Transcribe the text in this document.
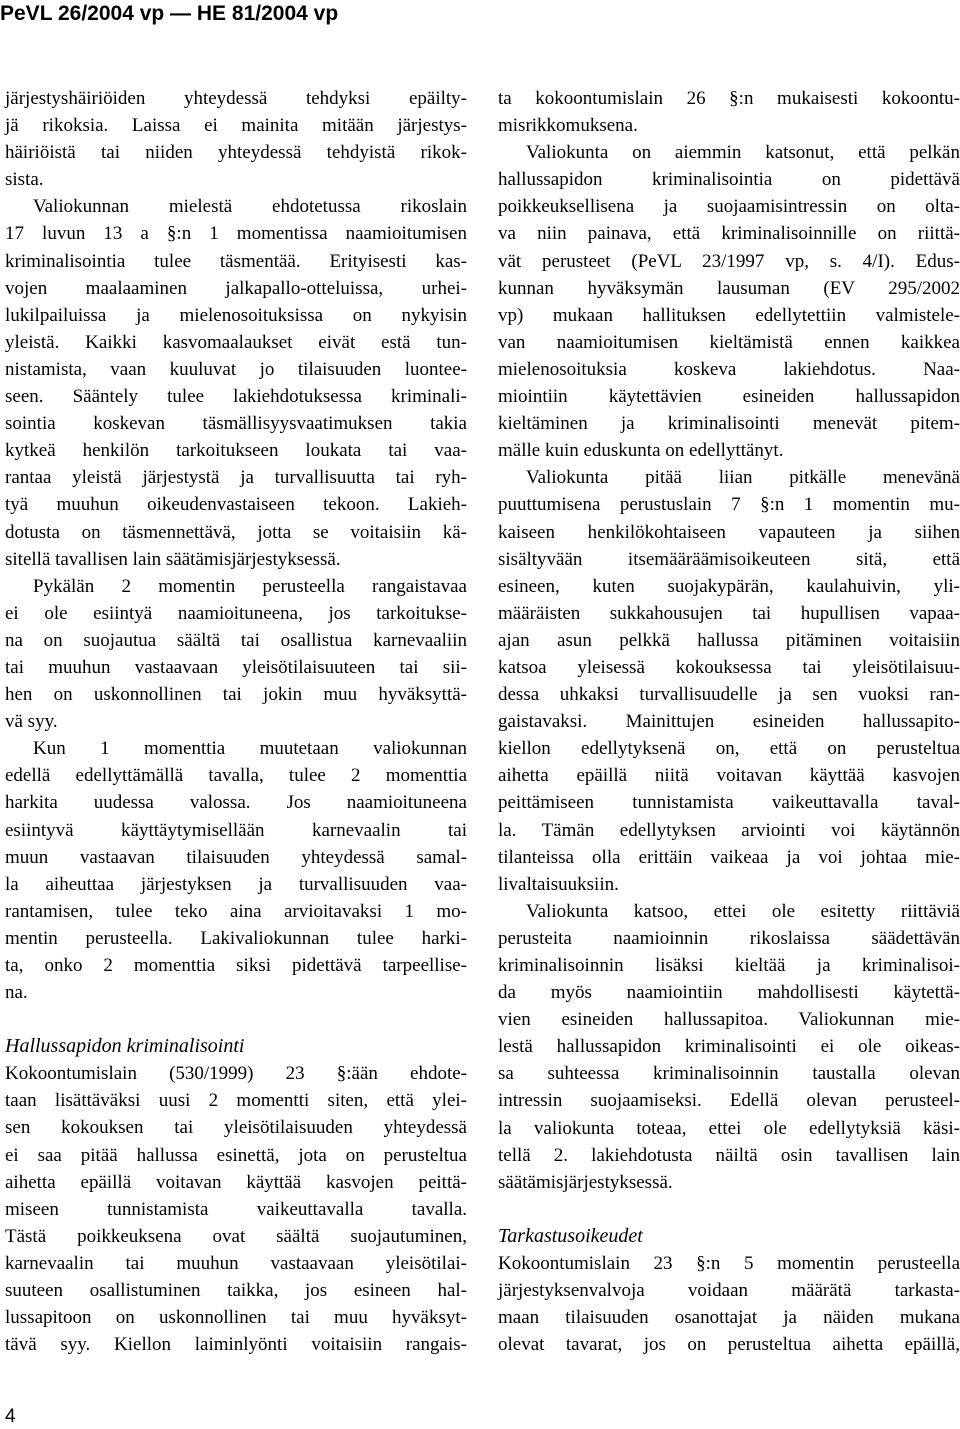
PeVL 26/2004 vp — HE 81/2004 vp
järjestyshäiriöiden yhteydessä tehdyksi epäilty-
jä rikoksia. Laissa ei mainita mitään järjestys-
häiriöistä tai niiden yhteydessä tehdyistä rikok-
sista.
Valiokunnan mielestä ehdotetussa rikoslain
17 luvun 13 a §:n 1 momentissa naamioitumisen
kriminalisointia tulee täsmentää. Erityisesti kas-
vojen maalaaminen jalkapallo-otteluissa, urhei-
lukilpailuissa ja mielenosoituksissa on nykyisin
yleistä. Kaikki kasvomaalaukset eivät estä tun-
nistamista, vaan kuuluvat jo tilaisuuden luontee-
seen. Sääntely tulee lakiehdotuksessa kriminali-
sointia koskevan täsmällisyysvaatimuksen takia
kytkeä henkilön tarkoitukseen loukata tai vaa-
rantaa yleistä järjestystä ja turvallisuutta tai ryh-
tyä muuhun oikeudenvastaiseen tekoon. Lakieh-
dotusta on täsmennettävä, jotta se voitaisiin kä-
sitellä tavallisen lain säätämisjärjestyksessä.
Pykälän 2 momentin perusteella rangaistavaa
ei ole esiintyä naamioituneena, jos tarkoitukse-
na on suojautua säältä tai osallistua karnevaaliin
tai muuhun vastaavaan yleisötilaisuuteen tai sii-
hen on uskonnollinen tai jokin muu hyväksyttä-
vä syy.
Kun 1 momenttia muutetaan valiokunnan
edellä edellyttämällä tavalla, tulee 2 momenttia
harkita uudessa valossa. Jos naamioituneena
esiintyvä käyttäytymisellään karnevaalin tai
muun vastaavan tilaisuuden yhteydessä samal-
la aiheuttaa järjestyksen ja turvallisuuden vaa-
rantamisen, tulee teko aina arvioitavaksi 1 mo-
mentin perusteella. Lakivaliokunnan tulee harki-
ta, onko 2 momenttia siksi pidettävä tarpeellise-
na.
Hallussapidon kriminalisointi
Kokoontumislain (530/1999) 23 §:ään ehdote-
taan lisättäväksi uusi 2 momentti siten, että ylei-
sen kokouksen tai yleisötilaisuuden yhteydessä
ei saa pitää hallussa esinettä, jota on perusteltua
aihetta epäillä voitavan käyttää kasvojen peittä-
miseen tunnistamista vaikeuttavalla tavalla.
Tästä poikkeuksena ovat säältä suojautuminen,
karnevaalin tai muuhun vastaavaan yleisötilai-
suuteen osallistuminen taikka, jos esineen hal-
lussapitoon on uskonnollinen tai muu hyväksyt-
tävä syy. Kiellon laiminlyönti voitaisiin rangais-
ta kokoontumislain 26 §:n mukaisesti kokoontu-
misrikkomuksena.
Valiokunta on aiemmin katsonut, että pelkän
hallussapidon kriminalisointia on pidettävä
poikkeuksellisena ja suojaamisintressin on olta-
va niin painava, että kriminalisoinnille on riittä-
vät perusteet (PeVL 23/1997 vp, s. 4/I). Edus-
kunnan hyväksymän lausuman (EV 295/2002
vp) mukaan hallituksen edellytettiin valmistele-
van naamioitumisen kieltämistä ennen kaikkea
mielenosoituksia koskeva lakiehdotus. Naa-
miointiin käytettävien esineiden hallussapidon
kieltäminen ja kriminalisointi menevät pitem-
mälle kuin eduskunta on edellyttänyt.
Valiokunta pitää liian pitkälle menevänä
puuttumisena perustuslain 7 §:n 1 momentin mu-
kaiseen henkilökohtaiseen vapauteen ja siihen
sisältyvään itsemääräämisoikeuteen sitä, että
esineen, kuten suojakypärän, kaulahuivin, yli-
määräisten sukkahousujen tai hupullisen vapaa-
ajan asun pelkkä hallussa pitäminen voitaisiin
katsoa yleisessä kokouksessa tai yleisötilaisuu-
dessa uhkaksi turvallisuudelle ja sen vuoksi ran-
gaistavaksi. Mainittujen esineiden hallussapito-
kiellon edellytyksenä on, että on perusteltua
aihetta epäillä niitä voitavan käyttää kasvojen
peittämiseen tunnistamista vaikeuttavalla taval-
la. Tämän edellytyksen arviointi voi käytännön
tilanteissa olla erittäin vaikeaa ja voi johtaa mie-
livaltaisuuksiin.
Valiokunta katsoo, ettei ole esitetty riittäviä
perusteita naamioinnin rikoslaissa säädettävän
kriminalisoinnin lisäksi kieltää ja kriminalisoi-
da myös naamiointiin mahdollisesti käytettä-
vien esineiden hallussapitoa. Valiokunnan mie-
lestä hallussapidon kriminalisointi ei ole oikeas-
sa suhteessa kriminalisoinnin taustalla olevan
intressin suojaamiseksi. Edellä olevan perusteel-
la valiokunta toteaa, ettei ole edellytyksiä käsi-
tellä 2. lakiehdotusta näiltä osin tavallisen lain
säätämisjärjestyksessä.
Tarkastusoikeudet
Kokoontumislain 23 §:n 5 momentin perusteella
järjestyksenvalvoja voidaan määrätä tarkasta-
maan tilaisuuden osanottajat ja näiden mukana
olevat tavarat, jos on perusteltua aihetta epäillä,
4
